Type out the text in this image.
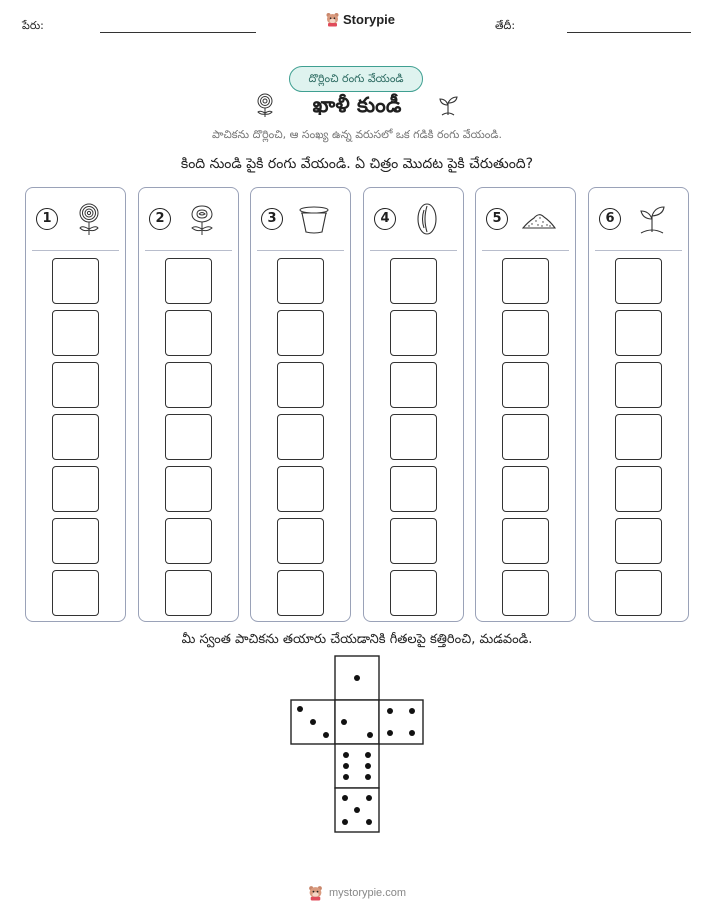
పేరు:	Storypie	తేదీ:
దొర్లించి రంగు వేయండి
ఖాళీ కుండీ
పాచికను దొర్లించి, ఆ సంఖ్య ఉన్న వరుసలో ఒక గడికి రంగు వేయండి.
కింది నుండి పైకి రంగు వేయండి. ఏ చిత్రం మొదట పైకి చేరుతుంది?
1	2	3	4	5	6
మీ స్వంత పాచికను తయారు చేయడానికి గీతలపై కత్తిరించి, మడవండి.
mystorypie.com
